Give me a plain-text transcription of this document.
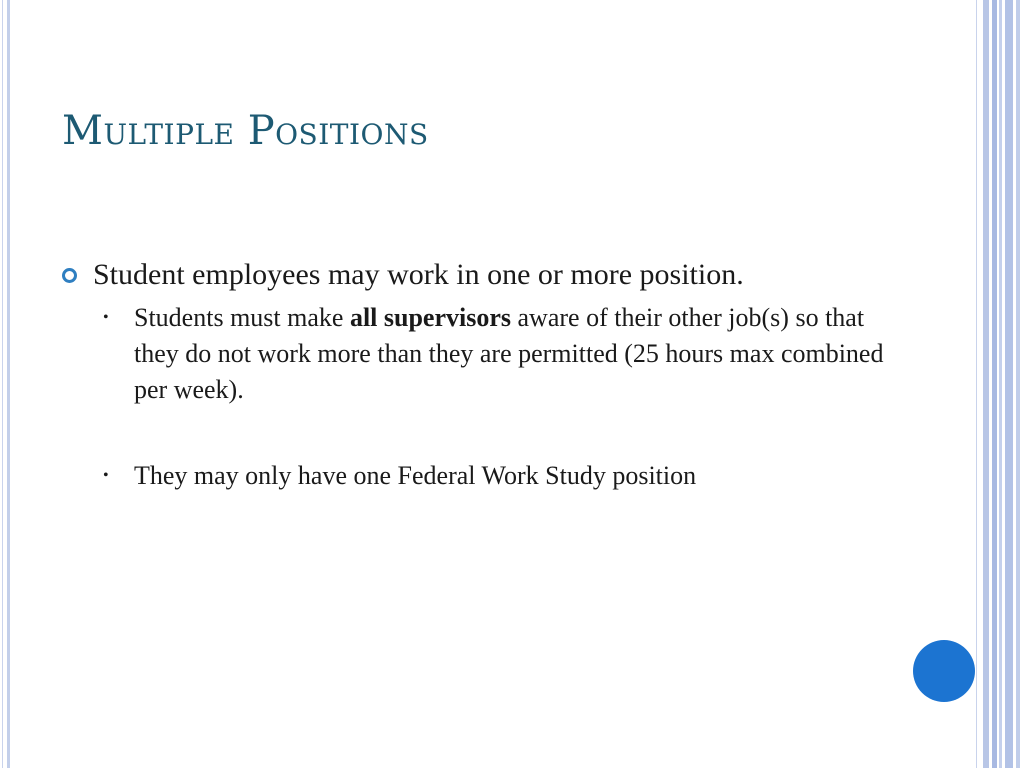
Multiple Positions
Student employees may work in one or more position.
• Students must make all supervisors aware of their other job(s) so that they do not work more than they are permitted (25 hours max combined per week).
• They may only have one Federal Work Study position
